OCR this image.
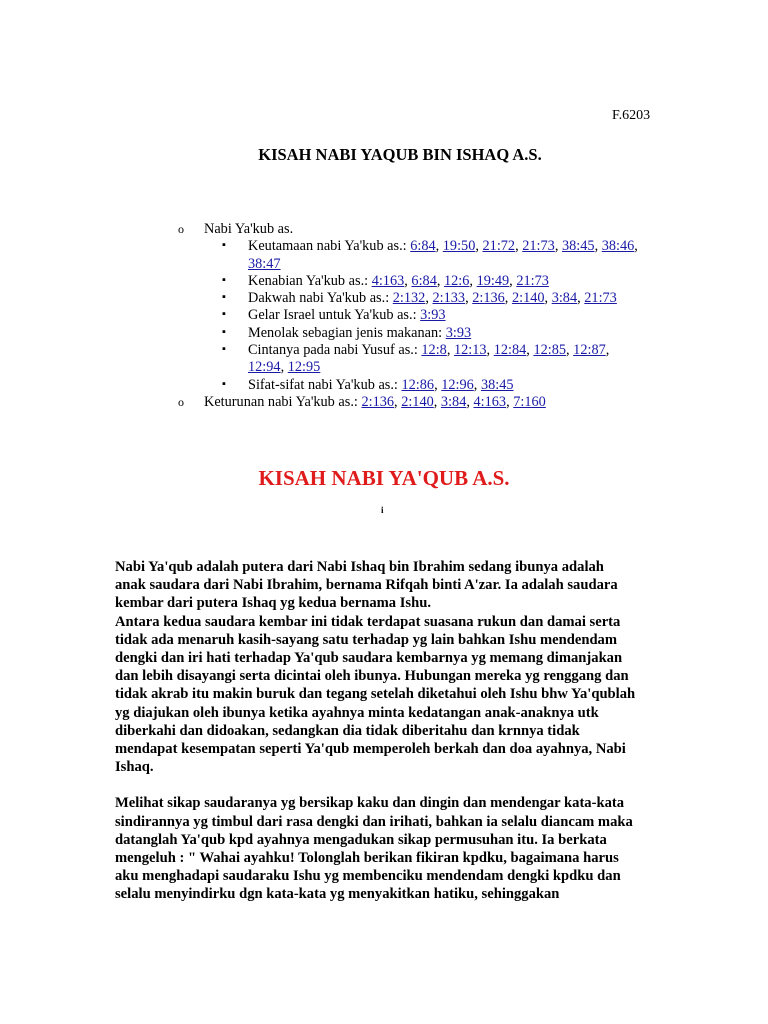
F.6203
KISAH NABI YAQUB BIN ISHAQ A.S.
o Nabi Ya'kub as.
▪ Keutamaan nabi Ya'kub as.: 6:84, 19:50, 21:72, 21:73, 38:45, 38:46, 38:47
▪ Kenabian Ya'kub as.: 4:163, 6:84, 12:6, 19:49, 21:73
▪ Dakwah nabi Ya'kub as.: 2:132, 2:133, 2:136, 2:140, 3:84, 21:73
▪ Gelar Israel untuk Ya'kub as.: 3:93
▪ Menolak sebagian jenis makanan: 3:93
▪ Cintanya pada nabi Yusuf as.: 12:8, 12:13, 12:84, 12:85, 12:87, 12:94, 12:95
▪ Sifat-sifat nabi Ya'kub as.: 12:86, 12:96, 38:45
o Keturunan nabi Ya'kub as.: 2:136, 2:140, 3:84, 4:163, 7:160
KISAH NABI YA'QUB A.S.
i
Nabi Ya'qub adalah putera dari Nabi Ishaq bin Ibrahim sedang ibunya adalah
anak saudara dari Nabi Ibrahim, bernama Rifqah binti A'zar. Ia adalah saudara
kembar dari putera Ishaq yg kedua bernama Ishu.
Antara kedua saudara kembar ini tidak terdapat suasana rukun dan damai serta
tidak ada menaruh kasih-sayang satu terhadap yg lain bahkan Ishu mendendam
dengki dan iri hati terhadap Ya'qub saudara kembarnya yg memang dimanjakan
dan lebih disayangi serta dicintai oleh ibunya. Hubungan mereka yg renggang dan
tidak akrab itu makin buruk dan tegang setelah diketahui oleh Ishu bhw Ya'qublah
yg diajukan oleh ibunya ketika ayahnya minta kedatangan anak-anaknya utk
diberkahi dan didoakan, sedangkan dia tidak diberitahu dan krnnya tidak
mendapat kesempatan seperti Ya'qub memperoleh berkah dan doa ayahnya, Nabi
Ishaq.
Melihat sikap saudaranya yg bersikap kaku dan dingin dan mendengar kata-kata
sindirannya yg timbul dari rasa dengki dan irihati, bahkan ia selalu diancam maka
datanglah Ya'qub kpd ayahnya mengadukan sikap permusuhan itu. Ia berkata
mengeluh : " Wahai ayahku! Tolonglah berikan fikiran kpdku, bagaimana harus
aku menghadapi saudaraku Ishu yg membenciku mendendam dengki kpdku dan
selalu menyindirku dgn kata-kata yg menyakitkan hatiku, sehinggakan
